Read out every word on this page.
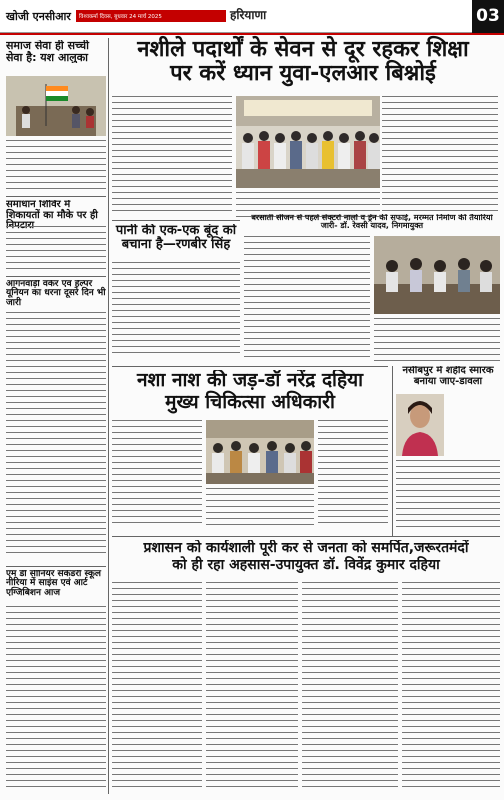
खोजी एनसीआर	विश्वकर्मा दिवस, बुधवार 24 मार्च 2025	हरियाणा	03
समाज सेवा ही सच्ची सेवा है: यश आलुका
समाधान शिविर में शिकायतों का मौके पर ही
आंगनवाड़ी वर्कर एवं हैल्पर यूनियन का धरना दूसरे दिन भी जारी
एम डी सीनियर सेकेंडरी स्कूल नीरिया में साइंस एवं आर्ट एग्जिबिशन आज
नशीले पदार्थों के सेवन से दूर रहकर शिक्षा
पर करें ध्यान युवा-एलआर बिश्नोई
पानी की एक-एक बूंद को बचाना है—रणबीर सिंह
बरसाती सीजन से पहले सेक्टरों नालों व ड्रेन की सफाई, मरम्मत निर्माण की तैयारियां जारी- डॉ. रेवसी यादव, निगमायुक्त
नशा नाश की जड़-डॉ नरेंद्र दहिया
मुख्य चिकित्सा अधिकारी
नसीबपुर में शहीद स्मारक बनाया जाए-डावला
प्रशासन को कार्यशाली पूरी कर से जनता को समर्पित,जरूरतमंदों
को ही रहा अहसास-उपायुक्त डॉ. विवेंद्र कुमार दहिया
